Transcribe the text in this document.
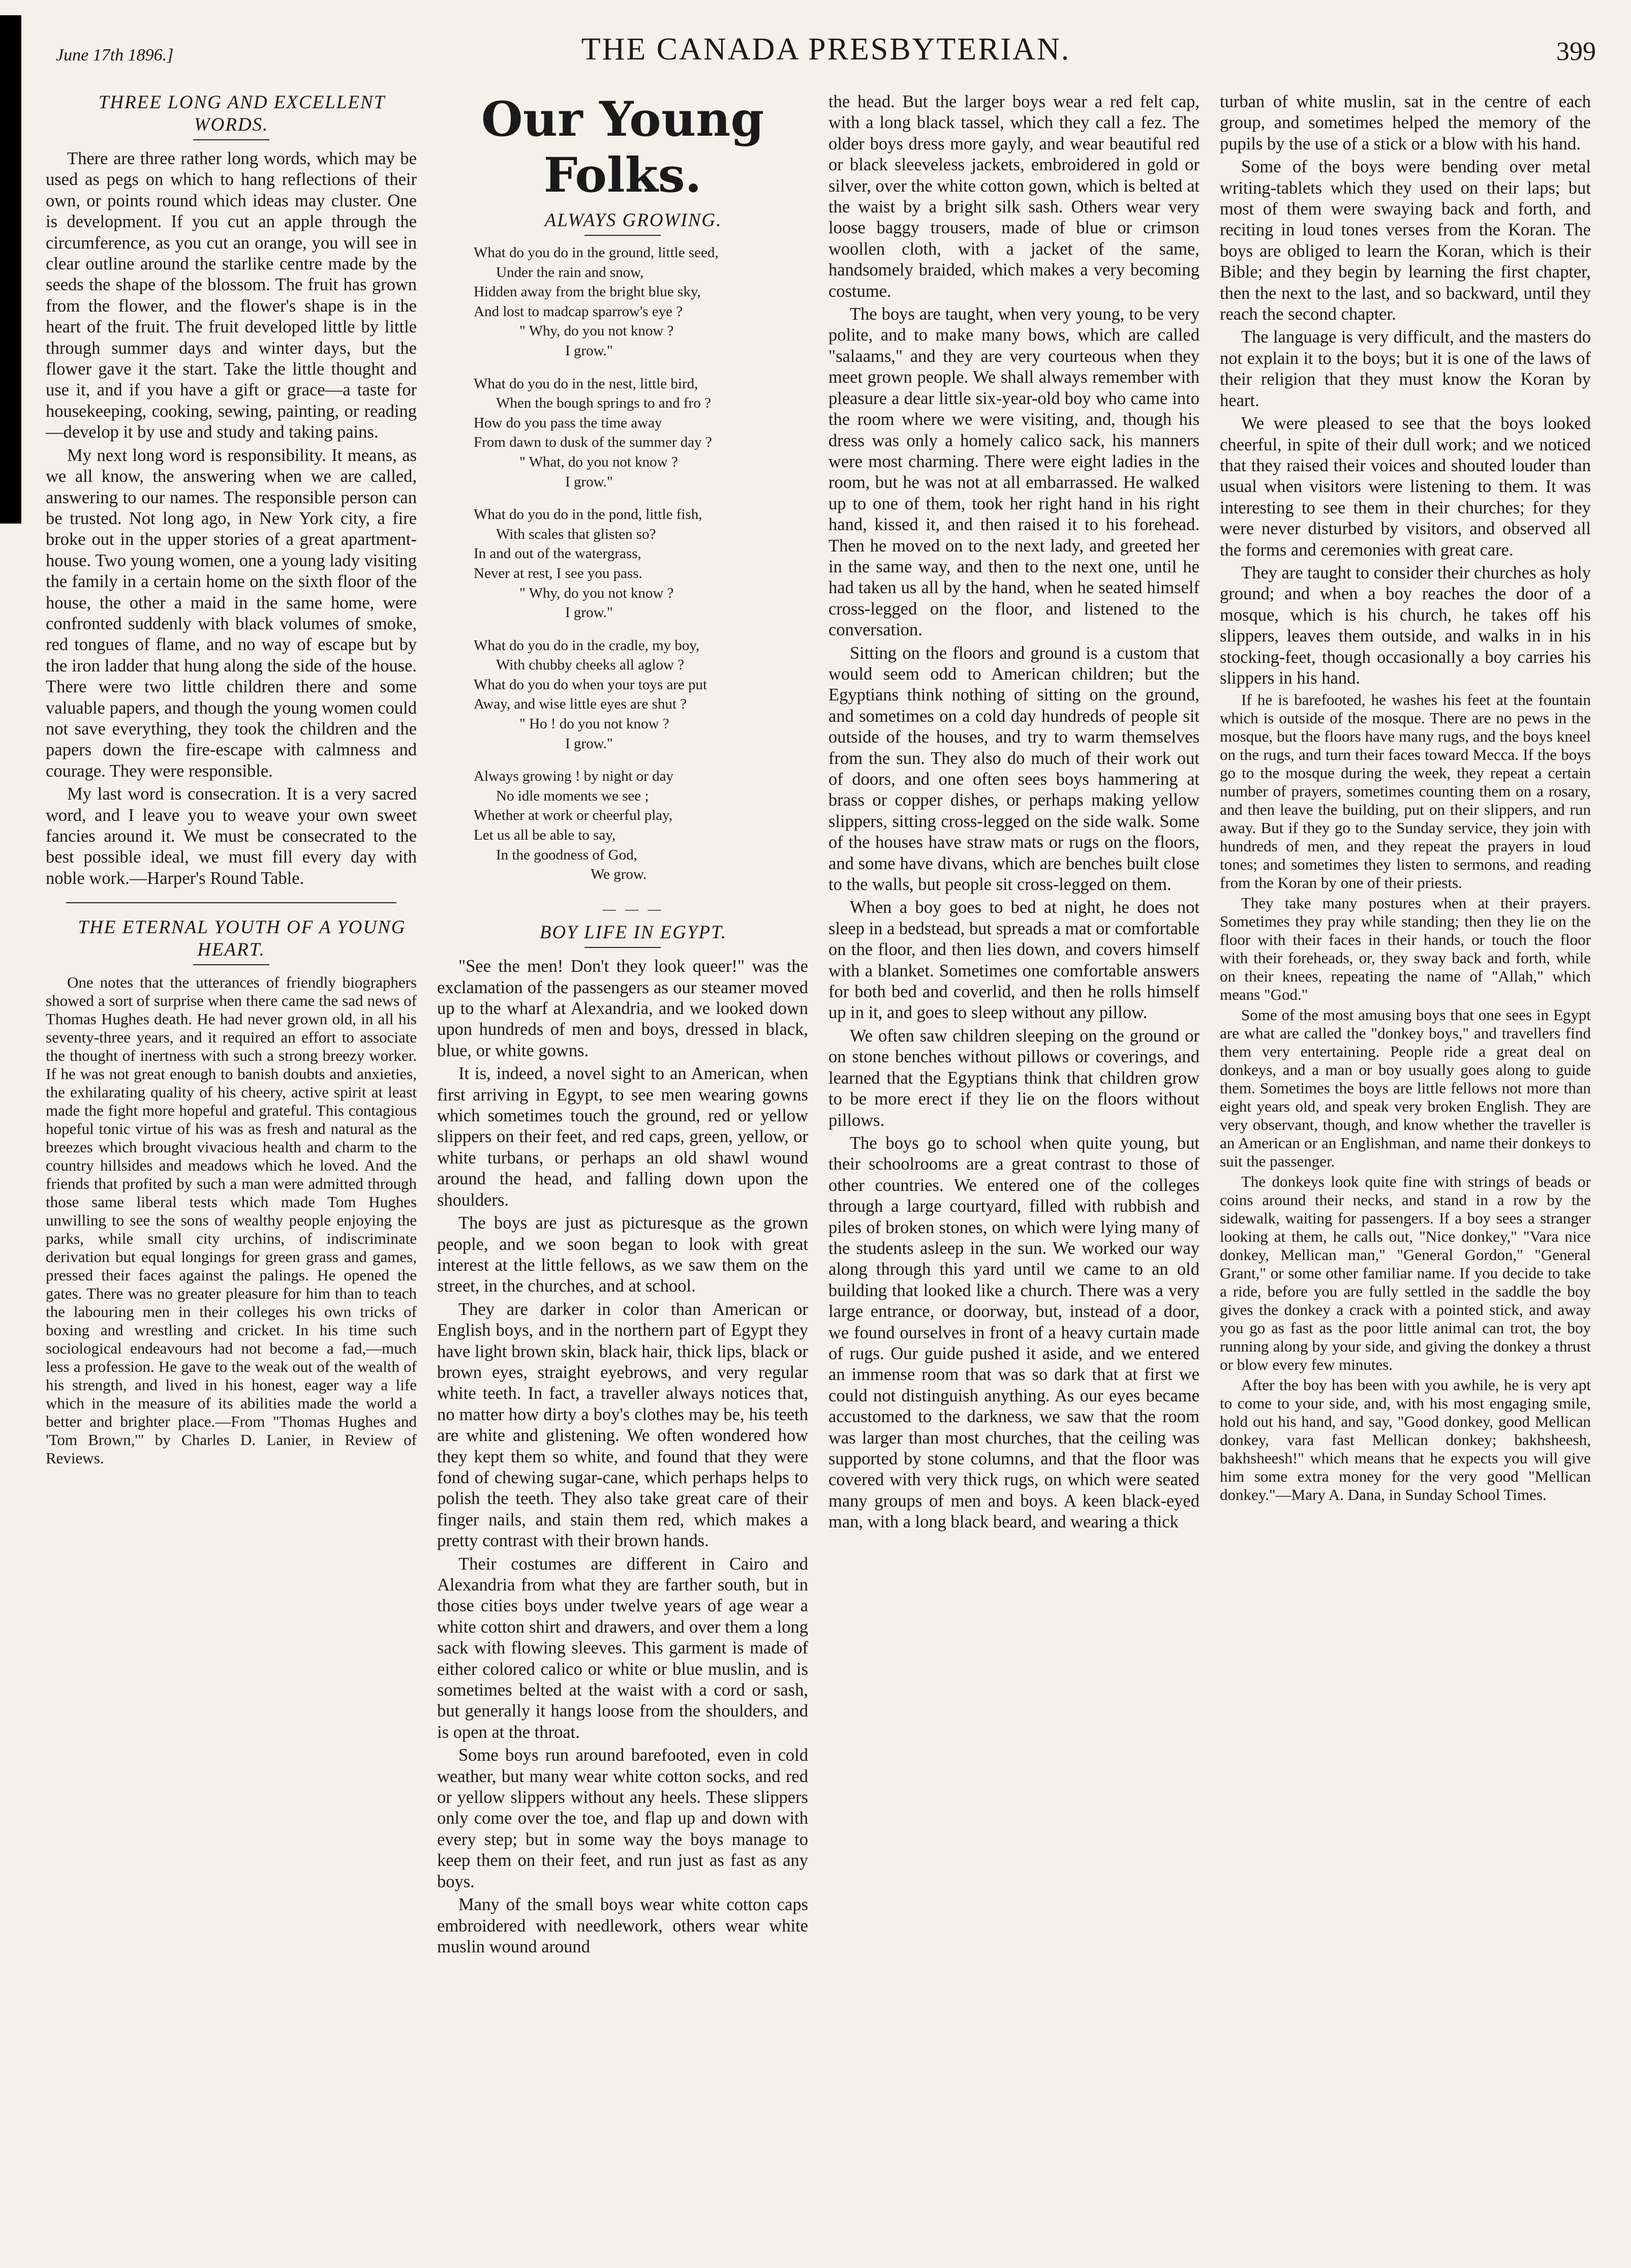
June 17th 1896.]	THE CANADA PRESBYTERIAN.	399

THREE LONG AND EXCELLENT WORDS.

There are three rather long words, which may be used as pegs on which to hang reflections of their own, or points round which ideas may cluster. One is development. If you cut an apple through the circumference, as you cut an orange, you will see in clear outline around the starlike centre made by the seeds the shape of the blossom. The fruit has grown from the flower, and the flower's shape is in the heart of the fruit. The fruit developed little by little through summer days and winter days, but the flower gave it the start. Take the little thought and use it, and if you have a gift or grace—a taste for housekeeping, cooking, sewing, painting, or reading—develop it by use and study and taking pains.

My next long word is responsibility. It means, as we all know, the answering when we are called, answering to our names. The responsible person can be trusted. Not long ago, in New York city, a fire broke out in the upper stories of a great apartment-house. Two young women, one a young lady visiting the family in a certain home on the sixth floor of the house, the other a maid in the same home, were confronted suddenly with black volumes of smoke, red tongues of flame, and no way of escape but by the iron ladder that hung along the side of the house. There were two little children there and some valuable papers, and though the young women could not save everything, they took the children and the papers down the fire-escape with calmness and courage. They were responsible.

My last word is consecration. It is a very sacred word, and I leave you to weave your own sweet fancies around it. We must be consecrated to the best possible ideal, we must fill every day with noble work.—Harper's Round Table.

THE ETERNAL YOUTH OF A YOUNG HEART.

One notes that the utterances of friendly biographers showed a sort of surprise when there came the sad news of Thomas Hughes death. He had never grown old, in all his seventy-three years, and it required an effort to associate the thought of inertness with such a strong breezy worker. If he was not great enough to banish doubts and anxieties, the exhilarating quality of his cheery, active spirit at least made the fight more hopeful and grateful. This contagious hopeful tonic virtue of his was as fresh and natural as the breezes which brought vivacious health and charm to the country hillsides and meadows which he loved. And the friends that profited by such a man were admitted through those same liberal tests which made Tom Hughes unwilling to see the sons of wealthy people enjoying the parks, while small city urchins, of indiscriminate derivation but equal longings for green grass and games, pressed their faces against the palings. He opened the gates. There was no greater pleasure for him than to teach the labouring men in their colleges his own tricks of boxing and wrestling and cricket. In his time such sociological endeavours had not become a fad,—much less a profession. He gave to the weak out of the wealth of his strength, and lived in his honest, eager way a life which in the measure of its abilities made the world a better and brighter place.—From "Thomas Hughes and 'Tom Brown,'" by Charles D. Lanier, in Review of Reviews.

Our Young Folks.

ALWAYS GROWING.

What do you do in the ground, little seed,

Under the rain and snow,

Hidden away from the bright blue sky,

And lost to madcap sparrow's eye ?

" Why, do you not know ?

I grow."

What do you do in the nest, little bird,

When the bough springs to and fro ?

How do you pass the time away

From dawn to dusk of the summer day ?

" What, do you not know ?

I grow."

What do you do in the pond, little fish,

With scales that glisten so?

In and out of the watergrass,

Never at rest, I see you pass.

" Why, do you not know ?

I grow."

What do you do in the cradle, my boy,

With chubby cheeks all aglow ?

What do you do when your toys are put

Away, and wise little eyes are shut ?

" Ho ! do you not know ?

I grow."

Always growing ! by night or day

No idle moments we see ;

Whether at work or cheerful play,

Let us all be able to say,

In the goodness of God,

We grow.

— — —

BOY LIFE IN EGYPT.

"See the men! Don't they look queer!" was the exclamation of the passengers as our steamer moved up to the wharf at Alexandria, and we looked down upon hundreds of men and boys, dressed in black, blue, or white gowns.

It is, indeed, a novel sight to an American, when first arriving in Egypt, to see men wearing gowns which sometimes touch the ground, red or yellow slippers on their feet, and red caps, green, yellow, or white turbans, or perhaps an old shawl wound around the head, and falling down upon the shoulders.

The boys are just as picturesque as the grown people, and we soon began to look with great interest at the little fellows, as we saw them on the street, in the churches, and at school.

They are darker in color than American or English boys, and in the northern part of Egypt they have light brown skin, black hair, thick lips, black or brown eyes, straight eyebrows, and very regular white teeth. In fact, a traveller always notices that, no matter how dirty a boy's clothes may be, his teeth are white and glistening. We often wondered how they kept them so white, and found that they were fond of chewing sugar-cane, which perhaps helps to polish the teeth. They also take great care of their finger nails, and stain them red, which makes a pretty contrast with their brown hands.

Their costumes are different in Cairo and Alexandria from what they are farther south, but in those cities boys under twelve years of age wear a white cotton shirt and drawers, and over them a long sack with flowing sleeves. This garment is made of either colored calico or white or blue muslin, and is sometimes belted at the waist with a cord or sash, but generally it hangs loose from the shoulders, and is open at the throat.

Some boys run around barefooted, even in cold weather, but many wear white cotton socks, and red or yellow slippers without any heels. These slippers only come over the toe, and flap up and down with every step; but in some way the boys manage to keep them on their feet, and run just as fast as any boys.

Many of the small boys wear white cotton caps embroidered with needlework, others wear white muslin wound around

the head. But the larger boys wear a red felt cap, with a long black tassel, which they call a fez. The older boys dress more gayly, and wear beautiful red or black sleeveless jackets, embroidered in gold or silver, over the white cotton gown, which is belted at the waist by a bright silk sash. Others wear very loose baggy trousers, made of blue or crimson woollen cloth, with a jacket of the same, handsomely braided, which makes a very becoming costume.

The boys are taught, when very young, to be very polite, and to make many bows, which are called "salaams," and they are very courteous when they meet grown people. We shall always remember with pleasure a dear little six-year-old boy who came into the room where we were visiting, and, though his dress was only a homely calico sack, his manners were most charming. There were eight ladies in the room, but he was not at all embarrassed. He walked up to one of them, took her right hand in his right hand, kissed it, and then raised it to his forehead. Then he moved on to the next lady, and greeted her in the same way, and then to the next one, until he had taken us all by the hand, when he seated himself cross-legged on the floor, and listened to the conversation.

Sitting on the floors and ground is a custom that would seem odd to American children; but the Egyptians think nothing of sitting on the ground, and sometimes on a cold day hundreds of people sit outside of the houses, and try to warm themselves from the sun. They also do much of their work out of doors, and one often sees boys hammering at brass or copper dishes, or perhaps making yellow slippers, sitting cross-legged on the side walk. Some of the houses have straw mats or rugs on the floors, and some have divans, which are benches built close to the walls, but people sit cross-legged on them.

When a boy goes to bed at night, he does not sleep in a bedstead, but spreads a mat or comfortable on the floor, and then lies down, and covers himself with a blanket. Sometimes one comfortable answers for both bed and coverlid, and then he rolls himself up in it, and goes to sleep without any pillow.

We often saw children sleeping on the ground or on stone benches without pillows or coverings, and learned that the Egyptians think that children grow to be more erect if they lie on the floors without pillows.

The boys go to school when quite young, but their schoolrooms are a great contrast to those of other countries. We entered one of the colleges through a large courtyard, filled with rubbish and piles of broken stones, on which were lying many of the students asleep in the sun. We worked our way along through this yard until we came to an old building that looked like a church. There was a very large entrance, or doorway, but, instead of a door, we found ourselves in front of a heavy curtain made of rugs. Our guide pushed it aside, and we entered an immense room that was so dark that at first we could not distinguish anything. As our eyes became accustomed to the darkness, we saw that the room was larger than most churches, that the ceiling was supported by stone columns, and that the floor was covered with very thick rugs, on which were seated many groups of men and boys. A keen black-eyed man, with a long black beard, and wearing a thick

turban of white muslin, sat in the centre of each group, and sometimes helped the memory of the pupils by the use of a stick or a blow with his hand.

Some of the boys were bending over metal writing-tablets which they used on their laps; but most of them were swaying back and forth, and reciting in loud tones verses from the Koran. The boys are obliged to learn the Koran, which is their Bible; and they begin by learning the first chapter, then the next to the last, and so backward, until they reach the second chapter.

The language is very difficult, and the masters do not explain it to the boys; but it is one of the laws of their religion that they must know the Koran by heart.

We were pleased to see that the boys looked cheerful, in spite of their dull work; and we noticed that they raised their voices and shouted louder than usual when visitors were listening to them. It was interesting to see them in their churches; for they were never disturbed by visitors, and observed all the forms and ceremonies with great care.

They are taught to consider their churches as holy ground; and when a boy reaches the door of a mosque, which is his church, he takes off his slippers, leaves them outside, and walks in in his stocking-feet, though occasionally a boy carries his slippers in his hand.

If he is barefooted, he washes his feet at the fountain which is outside of the mosque. There are no pews in the mosque, but the floors have many rugs, and the boys kneel on the rugs, and turn their faces toward Mecca. If the boys go to the mosque during the week, they repeat a certain number of prayers, sometimes counting them on a rosary, and then leave the building, put on their slippers, and run away. But if they go to the Sunday service, they join with hundreds of men, and they repeat the prayers in loud tones; and sometimes they listen to sermons, and reading from the Koran by one of their priests.

They take many postures when at their prayers. Sometimes they pray while standing; then they lie on the floor with their faces in their hands, or touch the floor with their foreheads, or, they sway back and forth, while on their knees, repeating the name of "Allah," which means "God."

Some of the most amusing boys that one sees in Egypt are what are called the "donkey boys," and travellers find them very entertaining. People ride a great deal on donkeys, and a man or boy usually goes along to guide them. Sometimes the boys are little fellows not more than eight years old, and speak very broken English. They are very observant, though, and know whether the traveller is an American or an Englishman, and name their donkeys to suit the passenger.

The donkeys look quite fine with strings of beads or coins around their necks, and stand in a row by the sidewalk, waiting for passengers. If a boy sees a stranger looking at them, he calls out, "Nice donkey," "Vara nice donkey, Mellican man," "General Gordon," "General Grant," or some other familiar name. If you decide to take a ride, before you are fully settled in the saddle the boy gives the donkey a crack with a pointed stick, and away you go as fast as the poor little animal can trot, the boy running along by your side, and giving the donkey a thrust or blow every few minutes.

After the boy has been with you awhile, he is very apt to come to your side, and, with his most engaging smile, hold out his hand, and say, "Good donkey, good Mellican donkey, vara fast Mellican donkey; bakhsheesh, bakhsheesh!" which means that he expects you will give him some extra money for the very good "Mellican donkey."—Mary A. Dana, in Sunday School Times.
